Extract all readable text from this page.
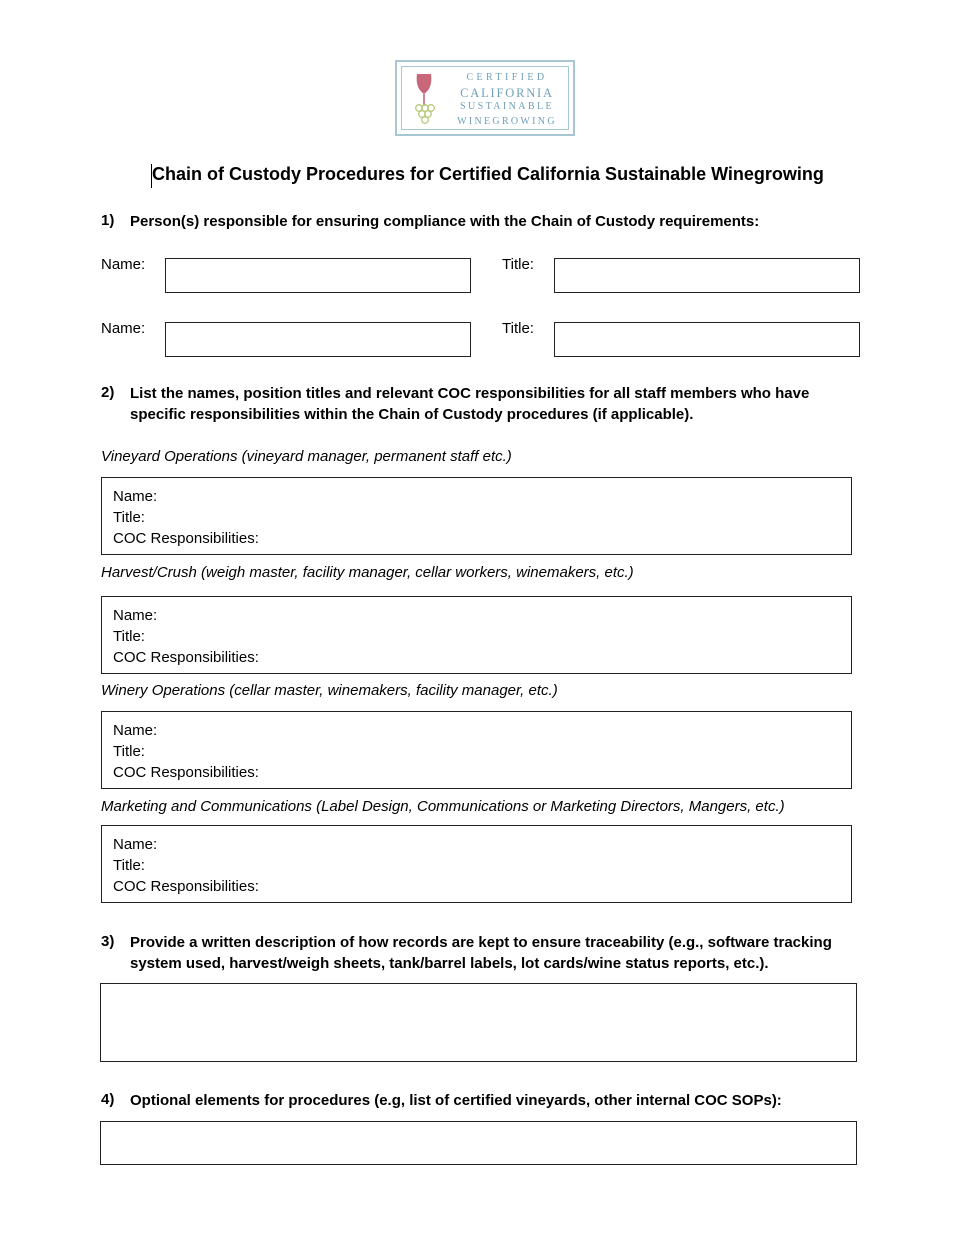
CERTIFIED
CALIFORNIA
SUSTAINABLE
WINEGROWING
Chain of Custody Procedures for Certified California Sustainable Winegrowing
1) Person(s) responsible for ensuring compliance with the Chain of Custody requirements:
Name:	Title:
Name:	Title:
2) List the names, position titles and relevant COC responsibilities for all staff members who have
specific responsibilities within the Chain of Custody procedures (if applicable).
Vineyard Operations (vineyard manager, permanent staff etc.)
Name:
Title:
COC Responsibilities:
Harvest/Crush (weigh master, facility manager, cellar workers, winemakers, etc.)
Name:
Title:
COC Responsibilities:
Winery Operations (cellar master, winemakers, facility manager, etc.)
Name:
Title:
COC Responsibilities:
Marketing and Communications (Label Design, Communications or Marketing Directors, Mangers, etc.)
Name:
Title:
COC Responsibilities:
3) Provide a written description of how records are kept to ensure traceability (e.g., software tracking
system used, harvest/weigh sheets, tank/barrel labels, lot cards/wine status reports, etc.).
4) Optional elements for procedures (e.g, list of certified vineyards, other internal COC SOPs):
